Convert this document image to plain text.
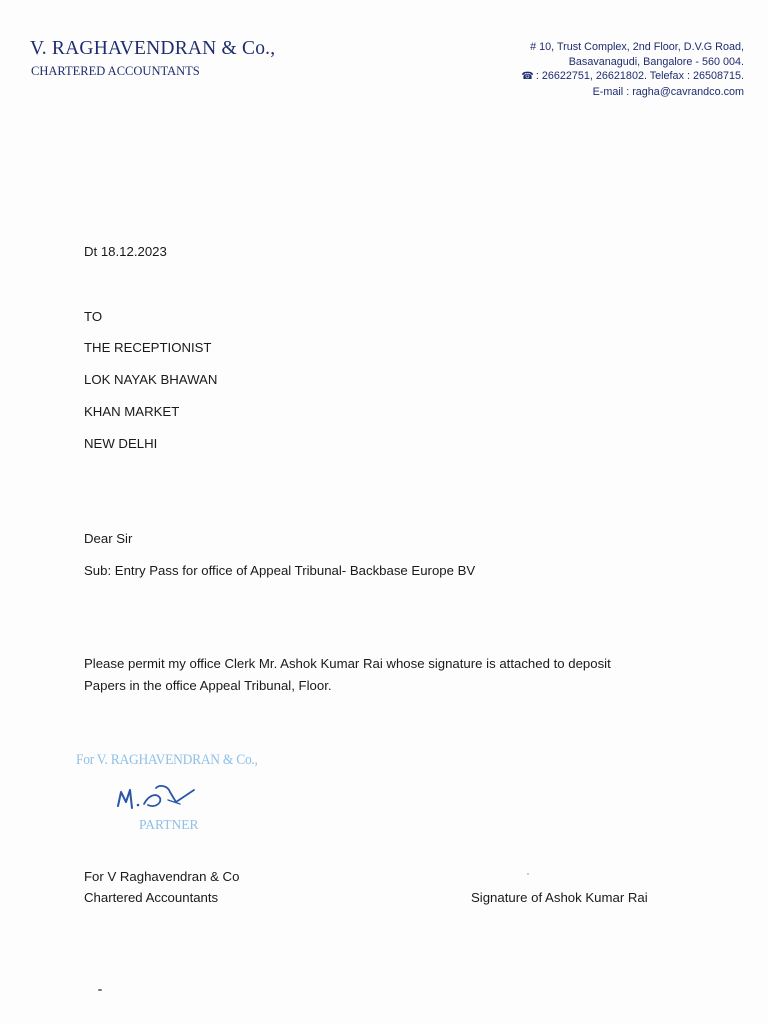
V. RAGHAVENDRAN & Co.,
CHARTERED ACCOUNTANTS
# 10, Trust Complex, 2nd Floor, D.V.G Road,
Basavanagudi, Bangalore - 560 004.
☎ : 26622751, 26621802. Telefax : 26508715.
E-mail : ragha@cavrandco.com
Dt 18.12.2023
TO
THE RECEPTIONIST
LOK NAYAK BHAWAN
KHAN MARKET
NEW DELHI
Dear Sir
Sub: Entry Pass for office of Appeal Tribunal- Backbase Europe BV
Please permit my office Clerk Mr. Ashok Kumar Rai whose signature is attached to deposit
Papers in the office Appeal Tribunal, Floor.
For V. RAGHAVENDRAN & Co.,
PARTNER
For V Raghavendran & Co
Chartered Accountants	Signature of Ashok Kumar Rai
